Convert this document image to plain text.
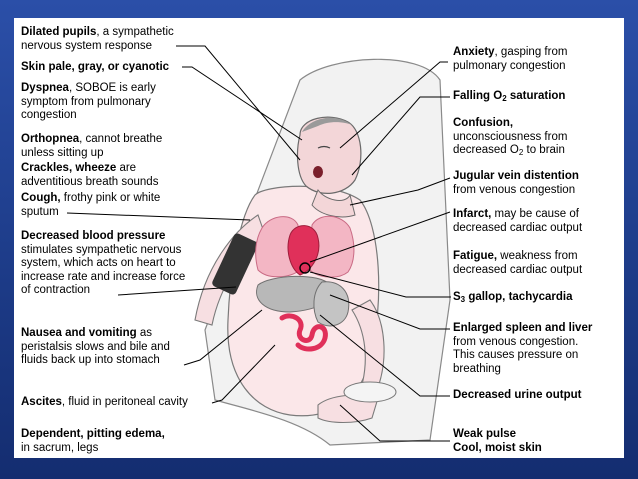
Dilated pupils, a sympathetic
nervous system response
Skin pale, gray, or cyanotic
Dyspnea, SOBOE is early
symptom from pulmonary
congestion
Orthopnea, cannot breathe
unless sitting up
Crackles, wheeze are
adventitious breath sounds
Cough, frothy pink or white
sputum
Decreased blood pressure
stimulates sympathetic nervous
system, which acts on heart to
increase rate and increase force
of contraction
Nausea and vomiting as
peristalsis slows and bile and
fluids back up into stomach
Ascites, fluid in peritoneal cavity
Dependent, pitting edema,
in sacrum, legs
Anxiety, gasping from
pulmonary congestion
Falling $O_2$ saturation
Confusion,
unconsciousness from
decreased $O_2$ to brain
Jugular vein distention
from venous congestion
Infarct, may be cause of
decreased cardiac output
Fatigue, weakness from
decreased cardiac output
$S_3$ gallop, tachycardia
Enlarged spleen and liver
from venous congestion.
This causes pressure on
breathing
Decreased urine output
Weak pulse
Cool, moist skin
